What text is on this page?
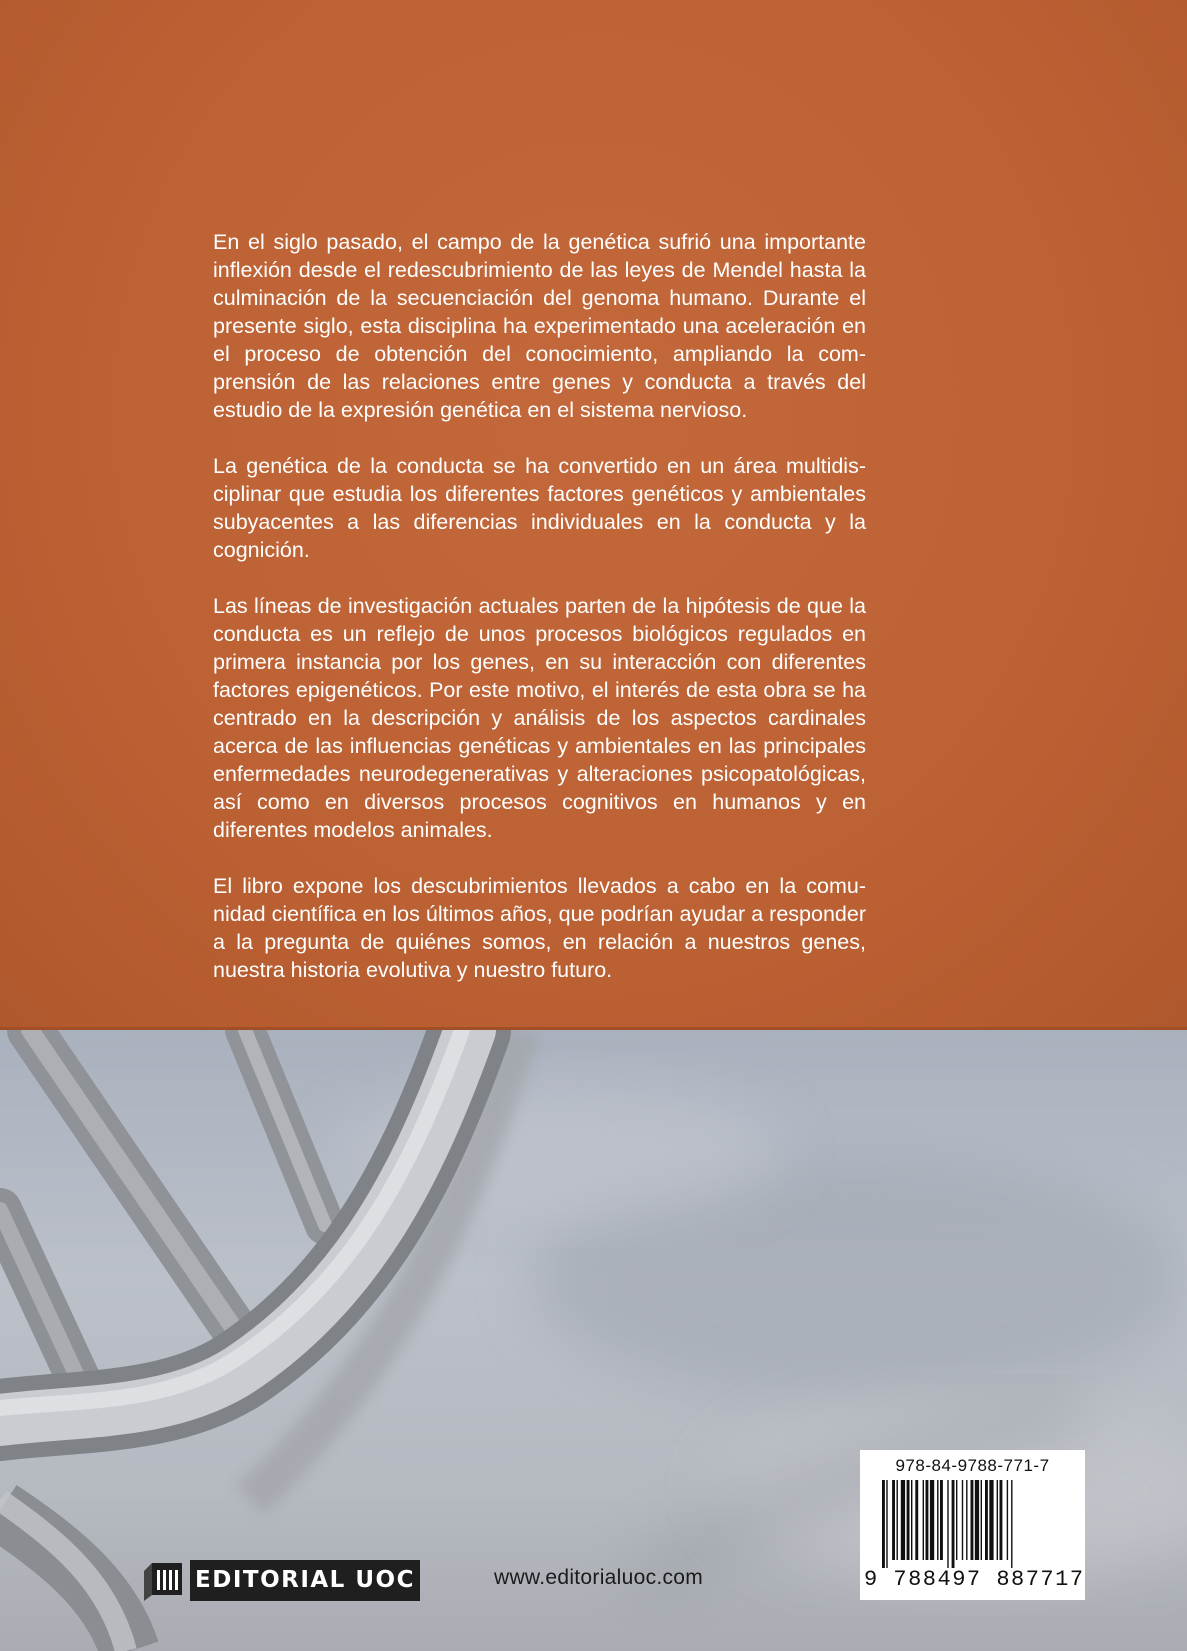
En el siglo pasado, el campo de la genética sufrió una importante inflexión desde el redescubrimiento de las leyes de Mendel hasta la culminación de la secuenciación del genoma humano. Durante el presente siglo, esta disciplina ha experimentado una aceleración en el proceso de obtención del conocimiento, ampliando la comprensión de las relaciones entre genes y conducta a través del estudio de la expresión genética en el sistema nervioso.

La genética de la conducta se ha convertido en un área multidisciplinar que estudia los diferentes factores genéticos y ambientales subyacentes a las diferencias individuales en la conducta y la cognición.

Las líneas de investigación actuales parten de la hipótesis de que la conducta es un reflejo de unos procesos biológicos regulados en primera instancia por los genes, en su interacción con diferentes factores epigenéticos. Por este motivo, el interés de esta obra se ha centrado en la descripción y análisis de los aspectos cardinales acerca de las influencias genéticas y ambientales en las principales enfermedades neurodegenerativas y alteraciones psicopatológicas, así como en diversos procesos cognitivos en humanos y en diferentes modelos animales.

El libro expone los descubrimientos llevados a cabo en la comunidad científica en los últimos años, que podrían ayudar a responder a la pregunta de quiénes somos, en relación a nuestros genes, nuestra historia evolutiva y nuestro futuro.

978-84-9788-771-7
9 788497 887717
EDITORIAL UOC	www.editorialuoc.com
